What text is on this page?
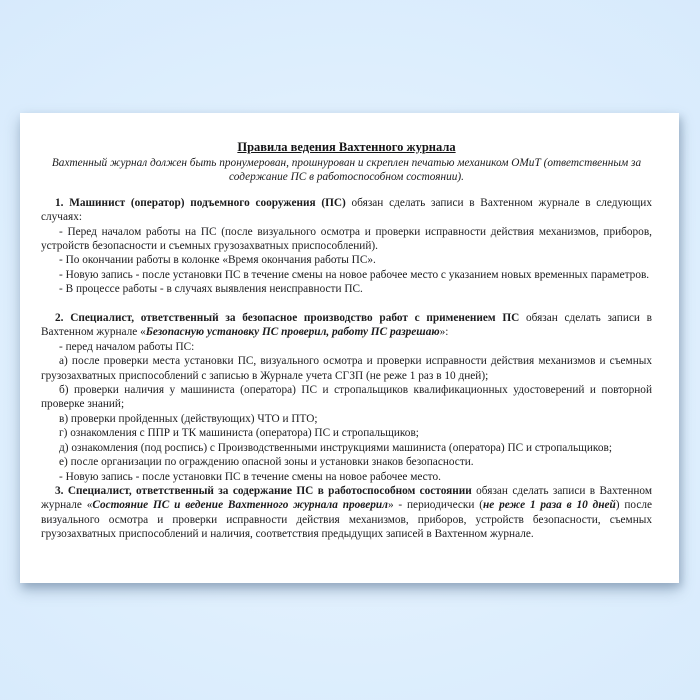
Правила ведения Вахтенного журнала
Вахтенный журнал должен быть пронумерован, прошнурован и скреплен печатью механиком ОМиТ (ответственным за содержание ПС в работоспособном состоянии).

1. Машинист (оператор) подъемного сооружения (ПС) обязан сделать записи в Вахтенном журнале в следующих случаях:

- Перед началом работы на ПС (после визуального осмотра и проверки исправности действия механизмов, приборов, устройств безопасности и съемных грузозахватных приспособлений).

- По окончании работы в колонке «Время окончания работы ПС».

- Новую запись - после установки ПС в течение смены на новое рабочее место с указанием новых временных параметров.

- В процессе работы - в случаях выявления неисправности ПС.

2. Специалист, ответственный за безопасное производство работ с применением ПС обязан сделать записи в Вахтенном журнале «Безопасную установку ПС проверил, работу ПС разрешаю»:

- перед началом работы ПС:

а) после проверки места установки ПС, визуального осмотра и проверки исправности действия механизмов и съемных грузозахватных приспособлений с записью в Журнале учета СГЗП (не реже 1 раз в 10 дней);

б) проверки наличия у машиниста (оператора) ПС и стропальщиков квалификационных удостоверений и повторной проверке знаний;

в) проверки пройденных (действующих) ЧТО и ПТО;

г) ознакомления с ППР и ТК машиниста (оператора) ПС и стропальщиков;

д) ознакомления (под роспись) с Производственными инструкциями машиниста (оператора) ПС и стропальщиков;

е) после организации по ограждению опасной зоны и установки знаков безопасности.

- Новую запись - после установки ПС в течение смены на новое рабочее место.

3. Специалист, ответственный за содержание ПС в работоспособном состоянии обязан сделать записи в Вахтенном журнале «Состояние ПС и ведение Вахтенного журнала проверил» - периодически (не реже 1 раза в 10 дней) после визуального осмотра и проверки исправности действия механизмов, приборов, устройств безопасности, съемных грузозахватных приспособлений и наличия, соответствия предыдущих записей в Вахтенном журнале.
